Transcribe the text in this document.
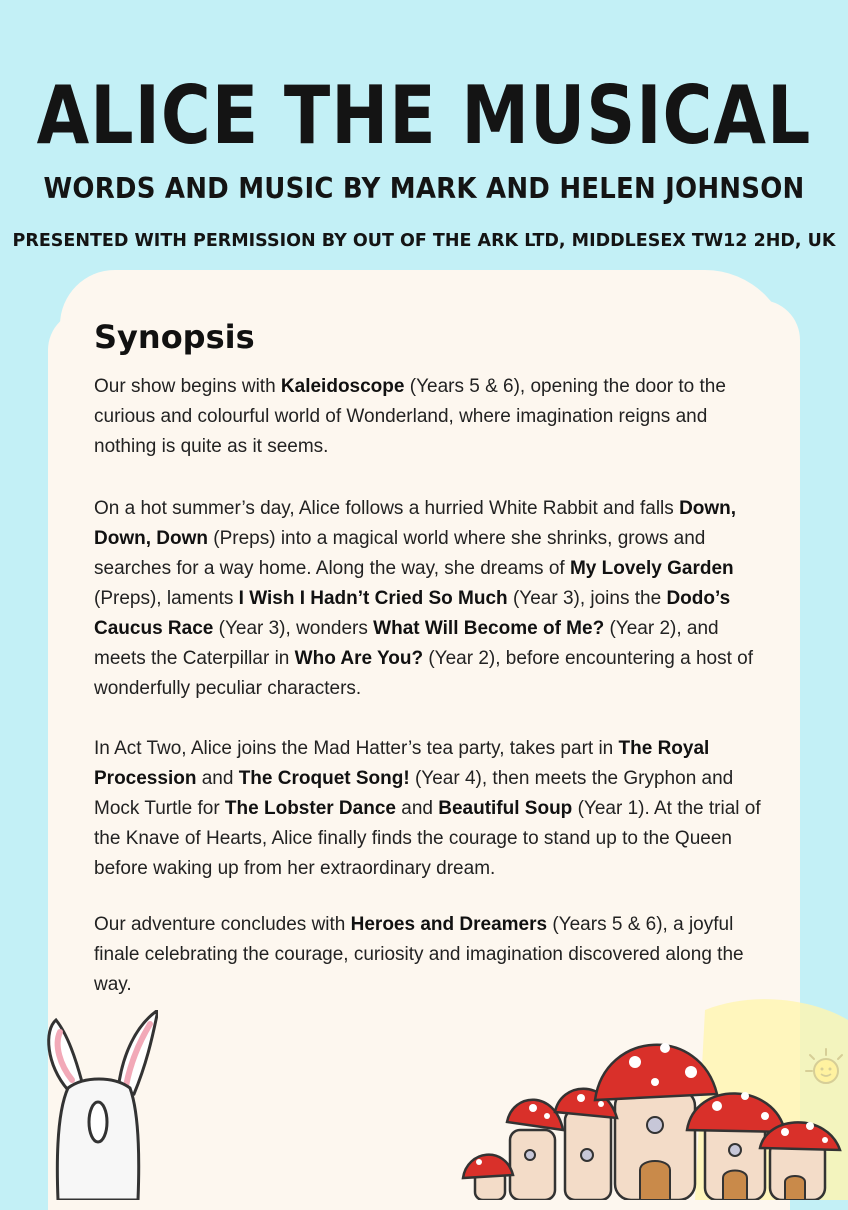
ALICE THE MUSICAL
WORDS AND MUSIC BY MARK AND HELEN JOHNSON
PRESENTED WITH PERMISSION BY OUT OF THE ARK LTD, MIDDLESEX TW12 2HD, UK
Synopsis
Our show begins with Kaleidoscope (Years 5 & 6), opening the door to the curious and colourful world of Wonderland, where imagination reigns and nothing is quite as it seems.
On a hot summer’s day, Alice follows a hurried White Rabbit and falls Down, Down, Down (Preps) into a magical world where she shrinks, grows and searches for a way home. Along the way, she dreams of My Lovely Garden (Preps), laments I Wish I Hadn’t Cried So Much (Year 3), joins the Dodo’s Caucus Race (Year 3), wonders What Will Become of Me? (Year 2), and meets the Caterpillar in Who Are You? (Year 2), before encountering a host of wonderfully peculiar characters.
In Act Two, Alice joins the Mad Hatter’s tea party, takes part in The Royal Procession and The Croquet Song! (Year 4), then meets the Gryphon and Mock Turtle for The Lobster Dance and Beautiful Soup (Year 1). At the trial of the Knave of Hearts, Alice finally finds the courage to stand up to the Queen before waking up from her extraordinary dream.
Our adventure concludes with Heroes and Dreamers (Years 5 & 6), a joyful finale celebrating the courage, curiosity and imagination discovered along the way.
